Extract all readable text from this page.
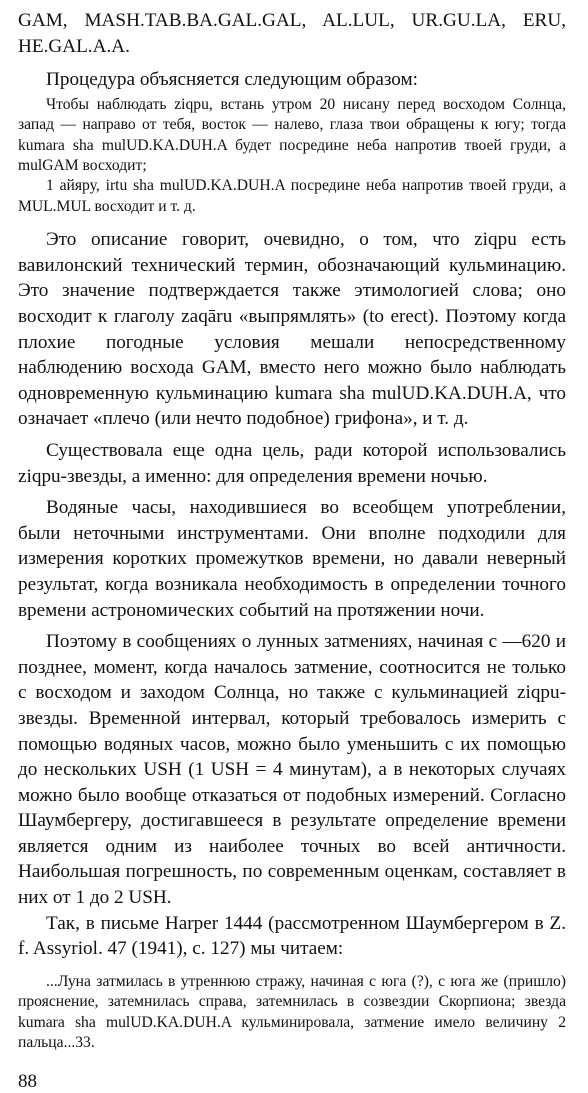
GAM, MASH.TAB.BA.GAL.GAL, AL.LUL, UR.GU.LA, ERU,

HE.GAL.A.A.

Процедура объясняется следующим образом:

Чтобы наблюдать ziqpu, встань утром 20 нисану перед восходом Солнца, запад — направо от тебя, восток — налево, глаза твои обращены к югу; тогда kumara sha mulUD.KA.DUH.A будет посредине неба напротив твоей груди, а mulGAM восходит;

1 айяру, irtu sha mulUD.KA.DUH.A посредине неба напротив твоей груди, а MUL.MUL восходит и т. д.

Это описание говорит, очевидно, о том, что ziqpu есть вавилонский технический термин, обозначающий кульминацию. Это значение подтверждается также этимологией слова; оно восходит к глаголу zaqāru «выпрямлять» (to erect). Поэтому когда плохие погодные условия мешали непосредственному наблюдению восхода GAM, вместо него можно было наблюдать одновременную кульминацию kumara sha mulUD.KA.DUH.A, что означает «плечо (или нечто подобное) грифона», и т. д.

Существовала еще одна цель, ради которой использовались ziqpu-звезды, а именно: для определения времени ночью.

Водяные часы, находившиеся во всеобщем употреблении, были неточными инструментами. Они вполне подходили для измерения коротких промежутков времени, но давали неверный результат, когда возникала необходимость в определении точного времени астрономических событий на протяжении ночи.

Поэтому в сообщениях о лунных затмениях, начиная с —620 и позднее, момент, когда началось затмение, соотносится не только с восходом и заходом Солнца, но также с кульминацией ziqpu-звезды. Временной интервал, который требовалось измерить с помощью водяных часов, можно было уменьшить с их помощью до нескольких USH (1 USH = 4 минутам), а в некоторых случаях можно было вообще отказаться от подобных измерений. Согласно Шаумбергеру, достигавшееся в результате определение времени является одним из наиболее точных во всей античности. Наибольшая погрешность, по современным оценкам, составляет в них от 1 до 2 USH.

Так, в письме Harper 1444 (рассмотренном Шаумбергером в Z. f. Assyriol. 47 (1941), с. 127) мы читаем:

...Луна затмилась в утреннюю стражу, начиная с юга (?), с юга же (пришло) прояснение, затемнилась справа, затемнилась в созвездии Скорпиона; звезда kumara sha mulUD.KA.DUH.A кульминировала, затмение имело величину 2 пальца...33.

88
